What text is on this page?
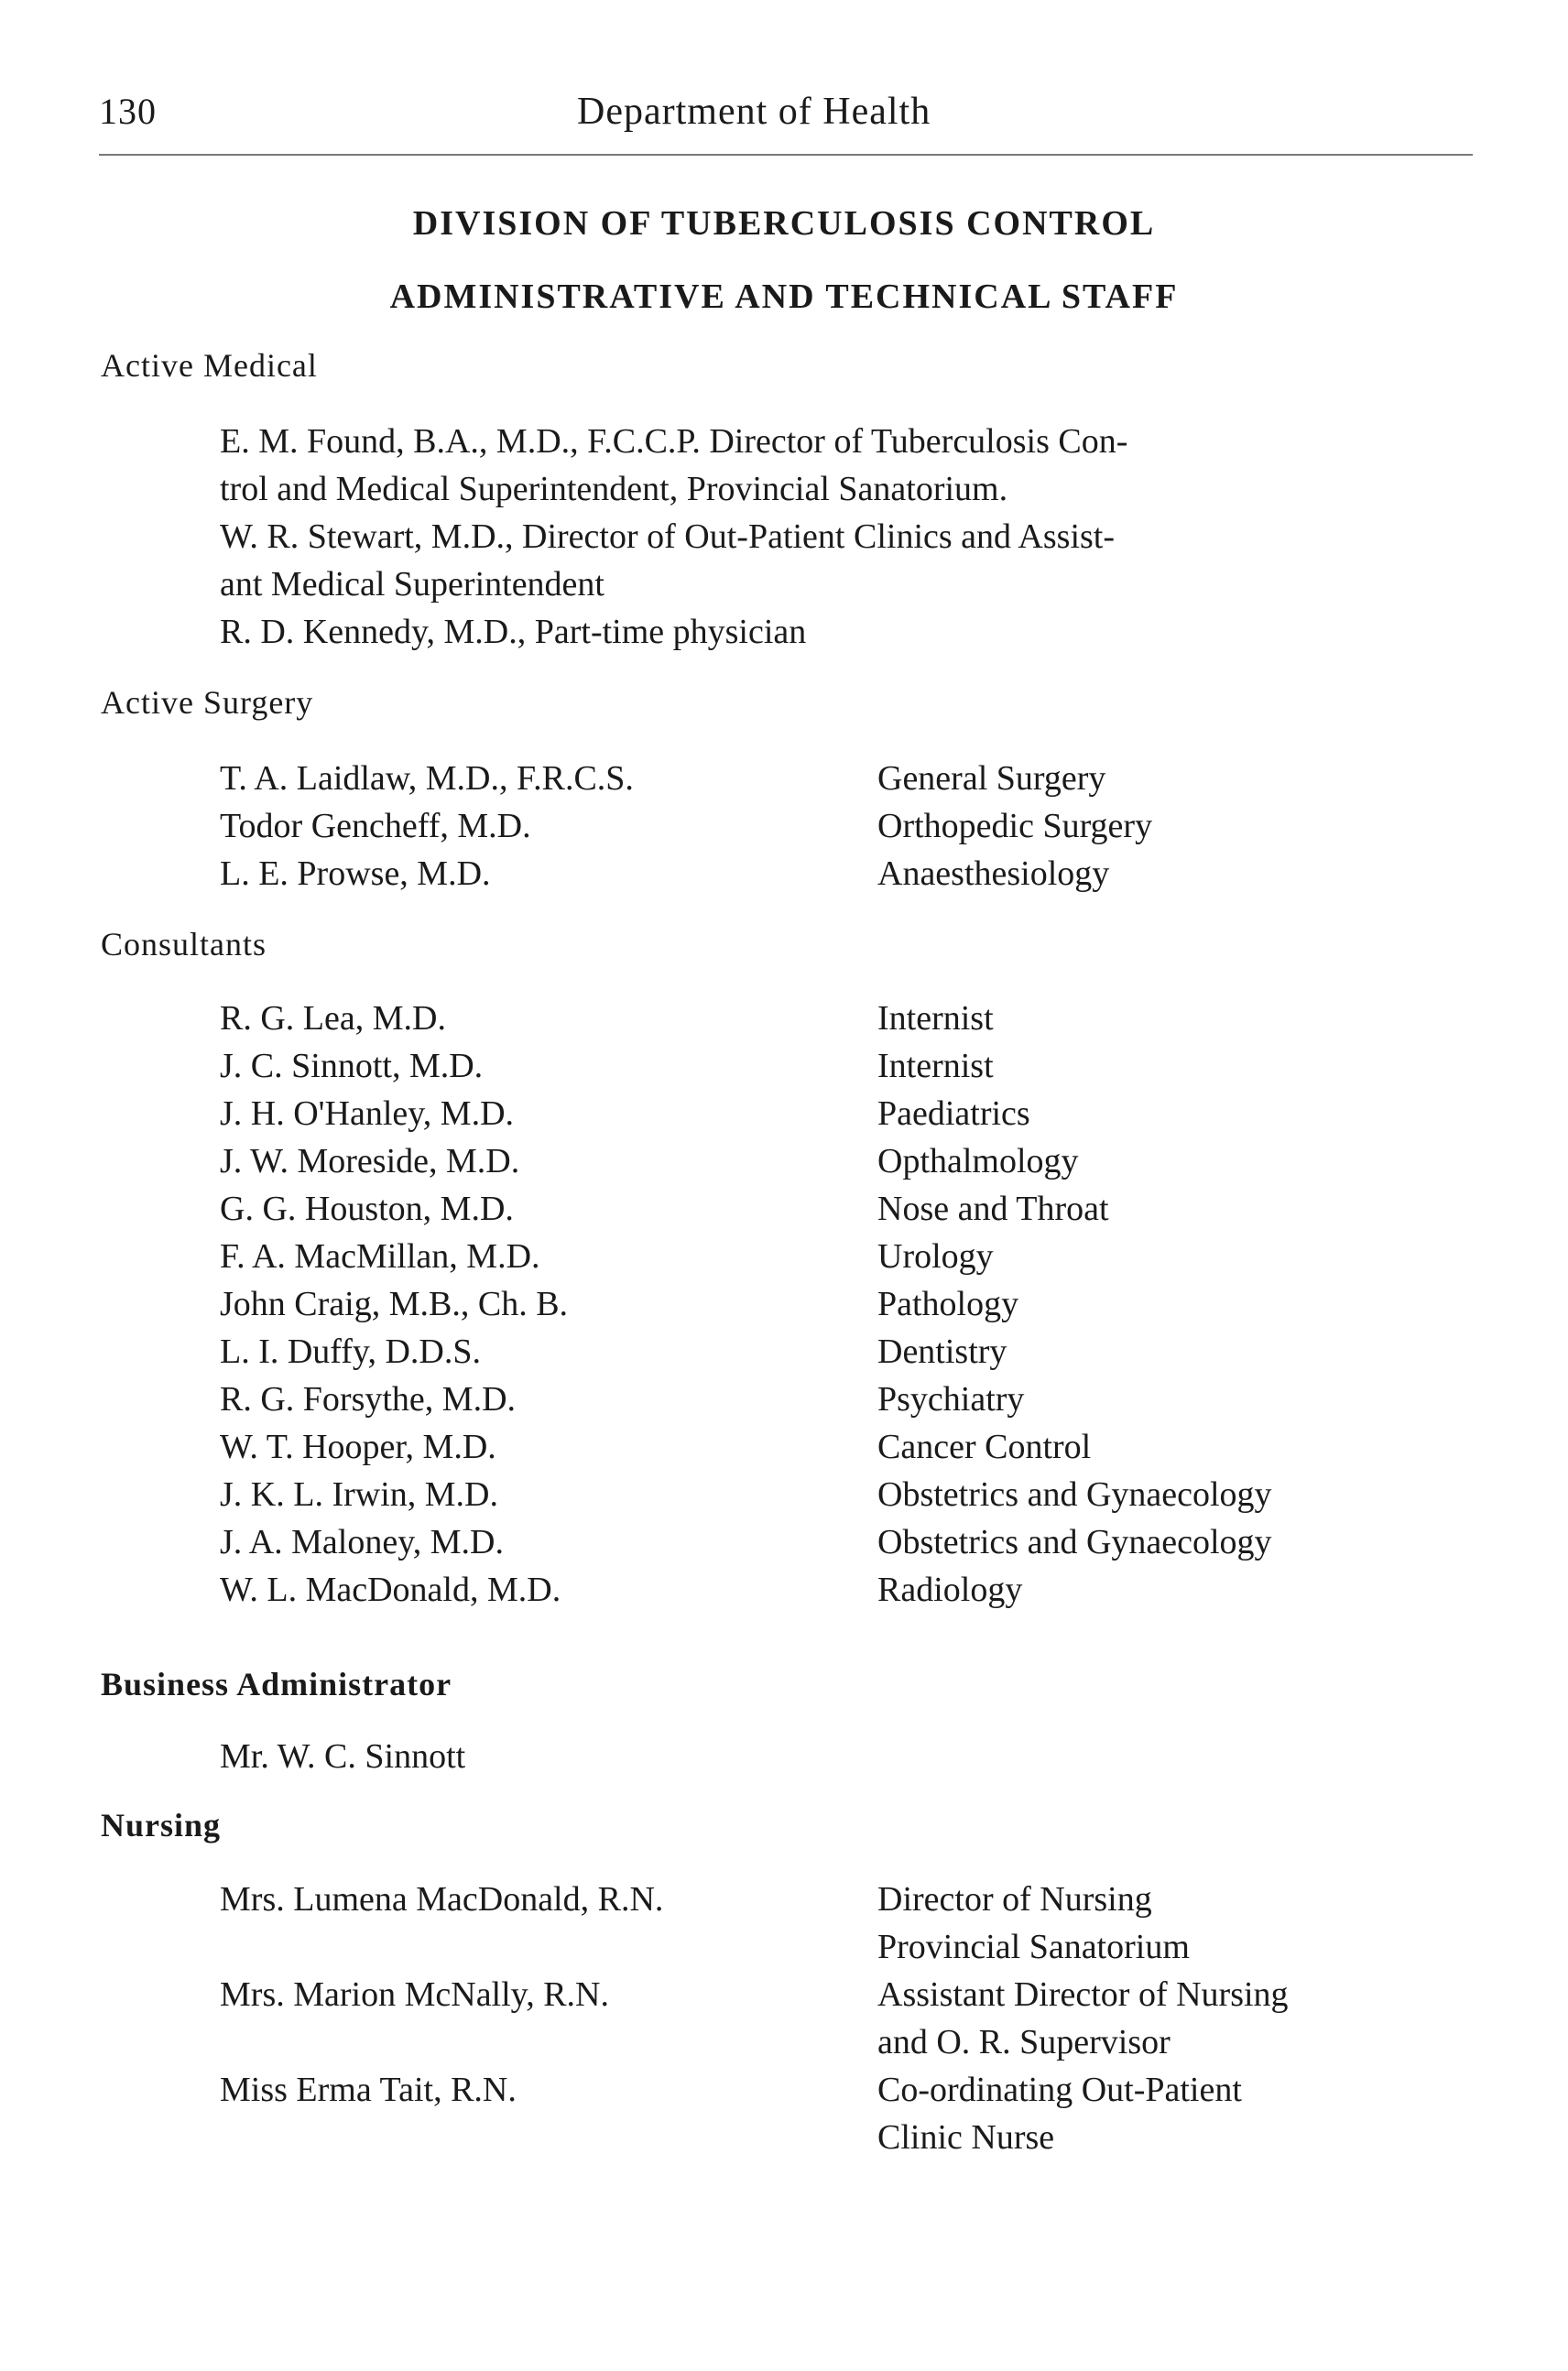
130	Department of Health
DIVISION OF TUBERCULOSIS CONTROL
ADMINISTRATIVE AND TECHNICAL STAFF
Active Medical

E. M. Found, B.A., M.D., F.C.C.P. Director of Tuberculosis Con-

trol and Medical Superintendent, Provincial Sanatorium.

W. R. Stewart, M.D., Director of Out-Patient Clinics and Assist-

ant Medical Superintendent

R. D. Kennedy, M.D., Part-time physician

Active Surgery
T. A. Laidlaw, M.D., F.R.C.S.	General Surgery
Todor Gencheff, M.D.	Orthopedic Surgery
L. E. Prowse, M.D.	Anaesthesiology
Consultants
R. G. Lea, M.D.	Internist
J. C. Sinnott, M.D.	Internist
J. H. O'Hanley, M.D.	Paediatrics
J. W. Moreside, M.D.	Opthalmology
G. G. Houston, M.D.	Nose and Throat
F. A. MacMillan, M.D.	Urology
John Craig, M.B., Ch. B.	Pathology
L. I. Duffy, D.D.S.	Dentistry
R. G. Forsythe, M.D.	Psychiatry
W. T. Hooper, M.D.	Cancer Control
J. K. L. Irwin, M.D.	Obstetrics and Gynaecology
J. A. Maloney, M.D.	Obstetrics and Gynaecology
W. L. MacDonald, M.D.	Radiology
Business Administrator
Mr. W. C. Sinnott
Nursing
Mrs. Lumena MacDonald, R.N.	Director of Nursing
Provincial Sanatorium
Mrs. Marion McNally, R.N.	Assistant Director of Nursing
and O. R. Supervisor
Miss Erma Tait, R.N.	Co-ordinating Out-Patient
Clinic Nurse
